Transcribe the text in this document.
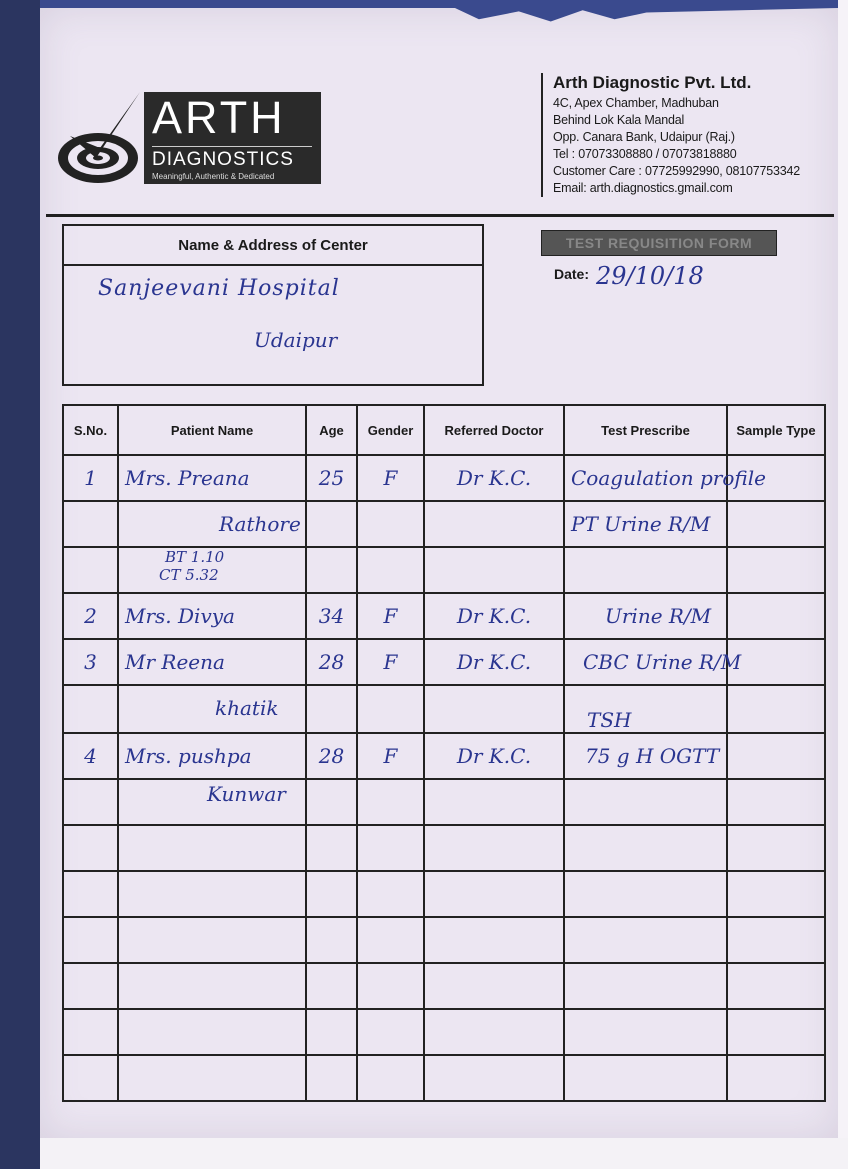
ARTH
DIAGNOSTICS
Meaningful, Authentic & Dedicated
Arth Diagnostic Pvt. Ltd.
4C, Apex Chamber, Madhuban
Behind Lok Kala Mandal
Opp. Canara Bank, Udaipur (Raj.)
Tel : 07073308880 / 07073818880
Customer Care : 07725992990, 08107753342
Email: arth.diagnostics.gmail.com
Name & Address of Center
Sanjeevani Hospital
Udaipur
TEST REQUISITION FORM
Date: 29/10/18
S.No.	Patient Name	Age	Gender	Referred Doctor	Test Prescribe	Sample Type

1	Mrs. Preana	25	F	Dr K.C.	Coagulation profile	

	Rathore				PT Urine R/M	

	BT 1.10
CT 5.32					

2	Mrs. Divya	34	F	Dr K.C.	Urine R/M	

3	Mr Reena	28	F	Dr K.C.	CBC Urine R/M	

	khatik				TSH	

4	Mrs. pushpa	28	F	Dr K.C.	75 g H OGTT	

	Kunwar					
